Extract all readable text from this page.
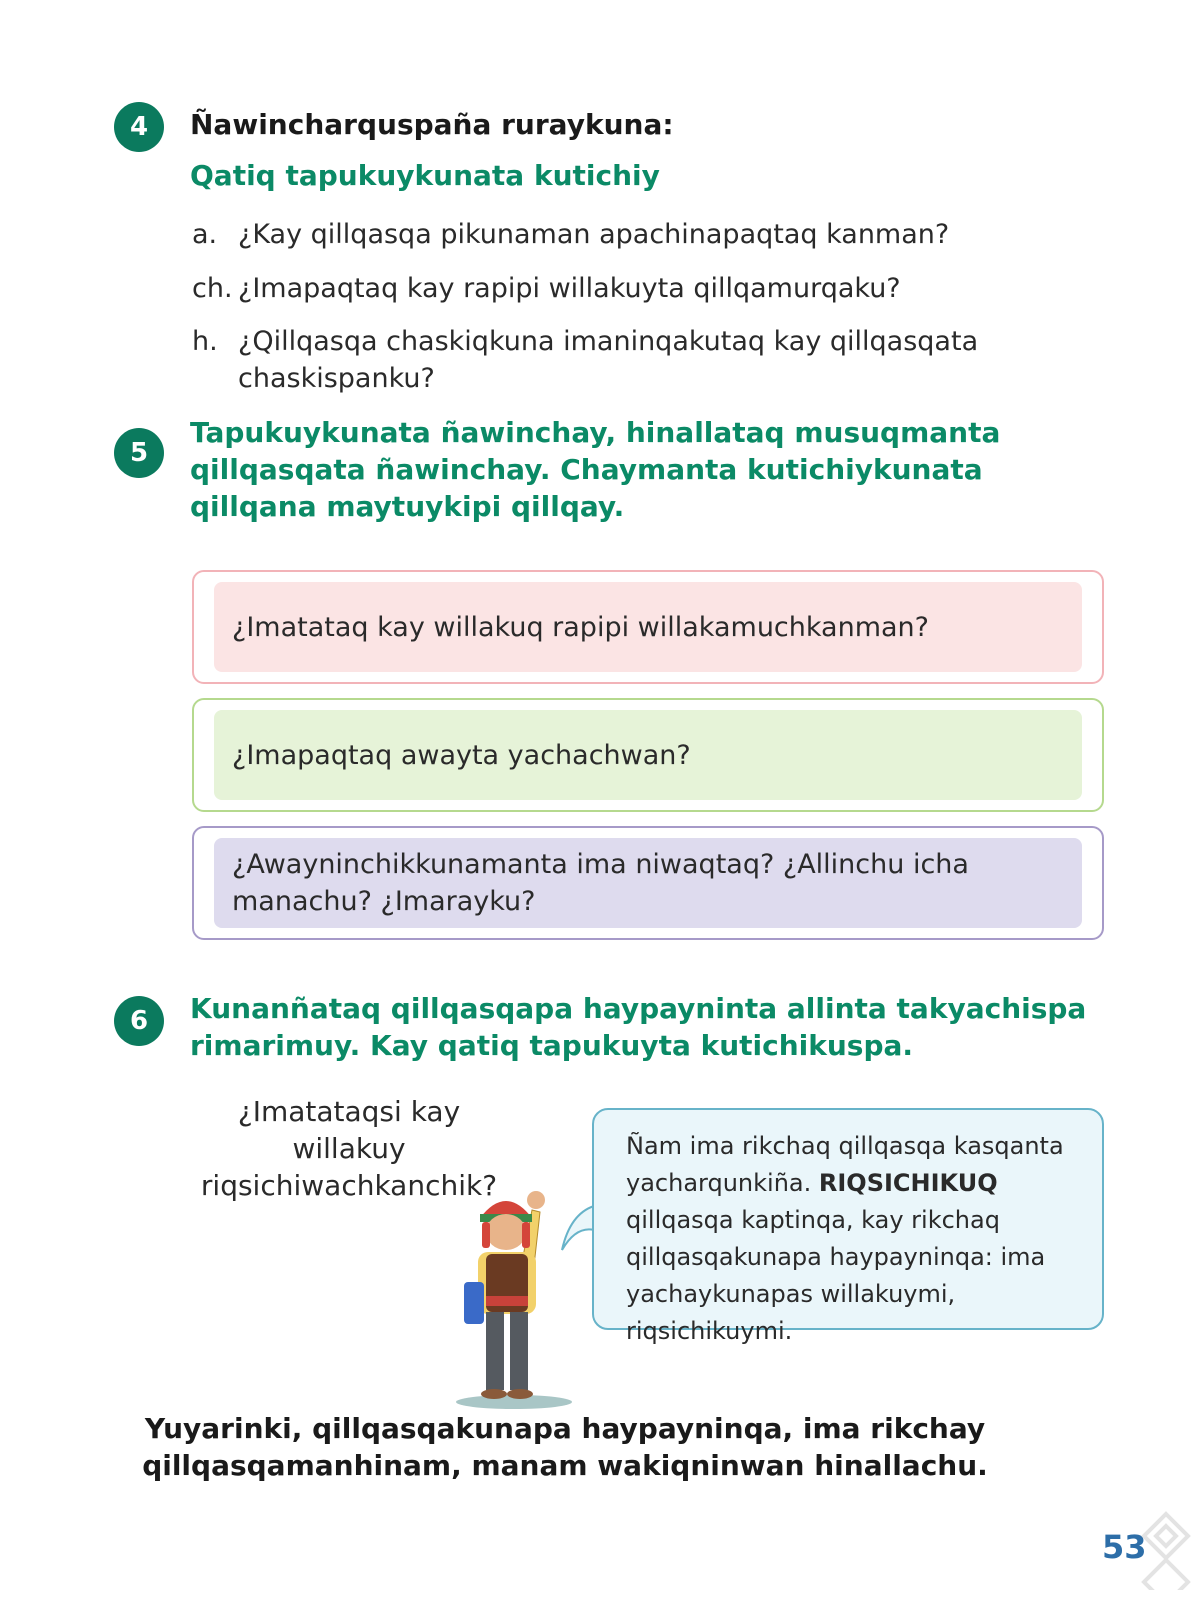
4	Ñawincharquspaña ruraykuna:
Qatiq tapukuykunata kutichiy
a. ¿Kay qillqasqa pikunaman apachinapaqtaq kanman?
ch. ¿Imapaqtaq kay rapipi willakuyta qillqamurqaku?
h. ¿Qillqasqa chaskiqkuna imaninqakutaq kay qillqasqata chaskispanku?
5
Tapukuykunata ñawinchay, hinallataq musuqmanta qillqasqata ñawinchay. Chaymanta kutichiykunata qillqana maytuykipi qillqay.
¿Imatataq kay willakuq rapipi willakamuchkanman?
¿Imapaqtaq awayta yachachwan?
¿Awayninchikkunamanta ima niwaqtaq? ¿Allinchu icha manachu? ¿Imarayku?
6	Kunanñataq qillqasqapa haypayninta allinta takyachispa rimarimuy. Kay qatiq tapukuyta kutichikuspa.
¿Imatataqsi kay willakuy riqsichiwachkanchik?
Ñam ima rikchaq qillqasqa kasqanta yacharqunkiña. RIQSICHIKUQ qillqasqa kaptinqa, kay rikchaq qillqasqakunapa haypayninqa: ima yachaykunapas willakuymi, riqsichikuymi.
Yuyarinki, qillqasqakunapa haypayninqa, ima rikchay qillqasqamanhinam, manam wakiqninwan hinallachu.
53
